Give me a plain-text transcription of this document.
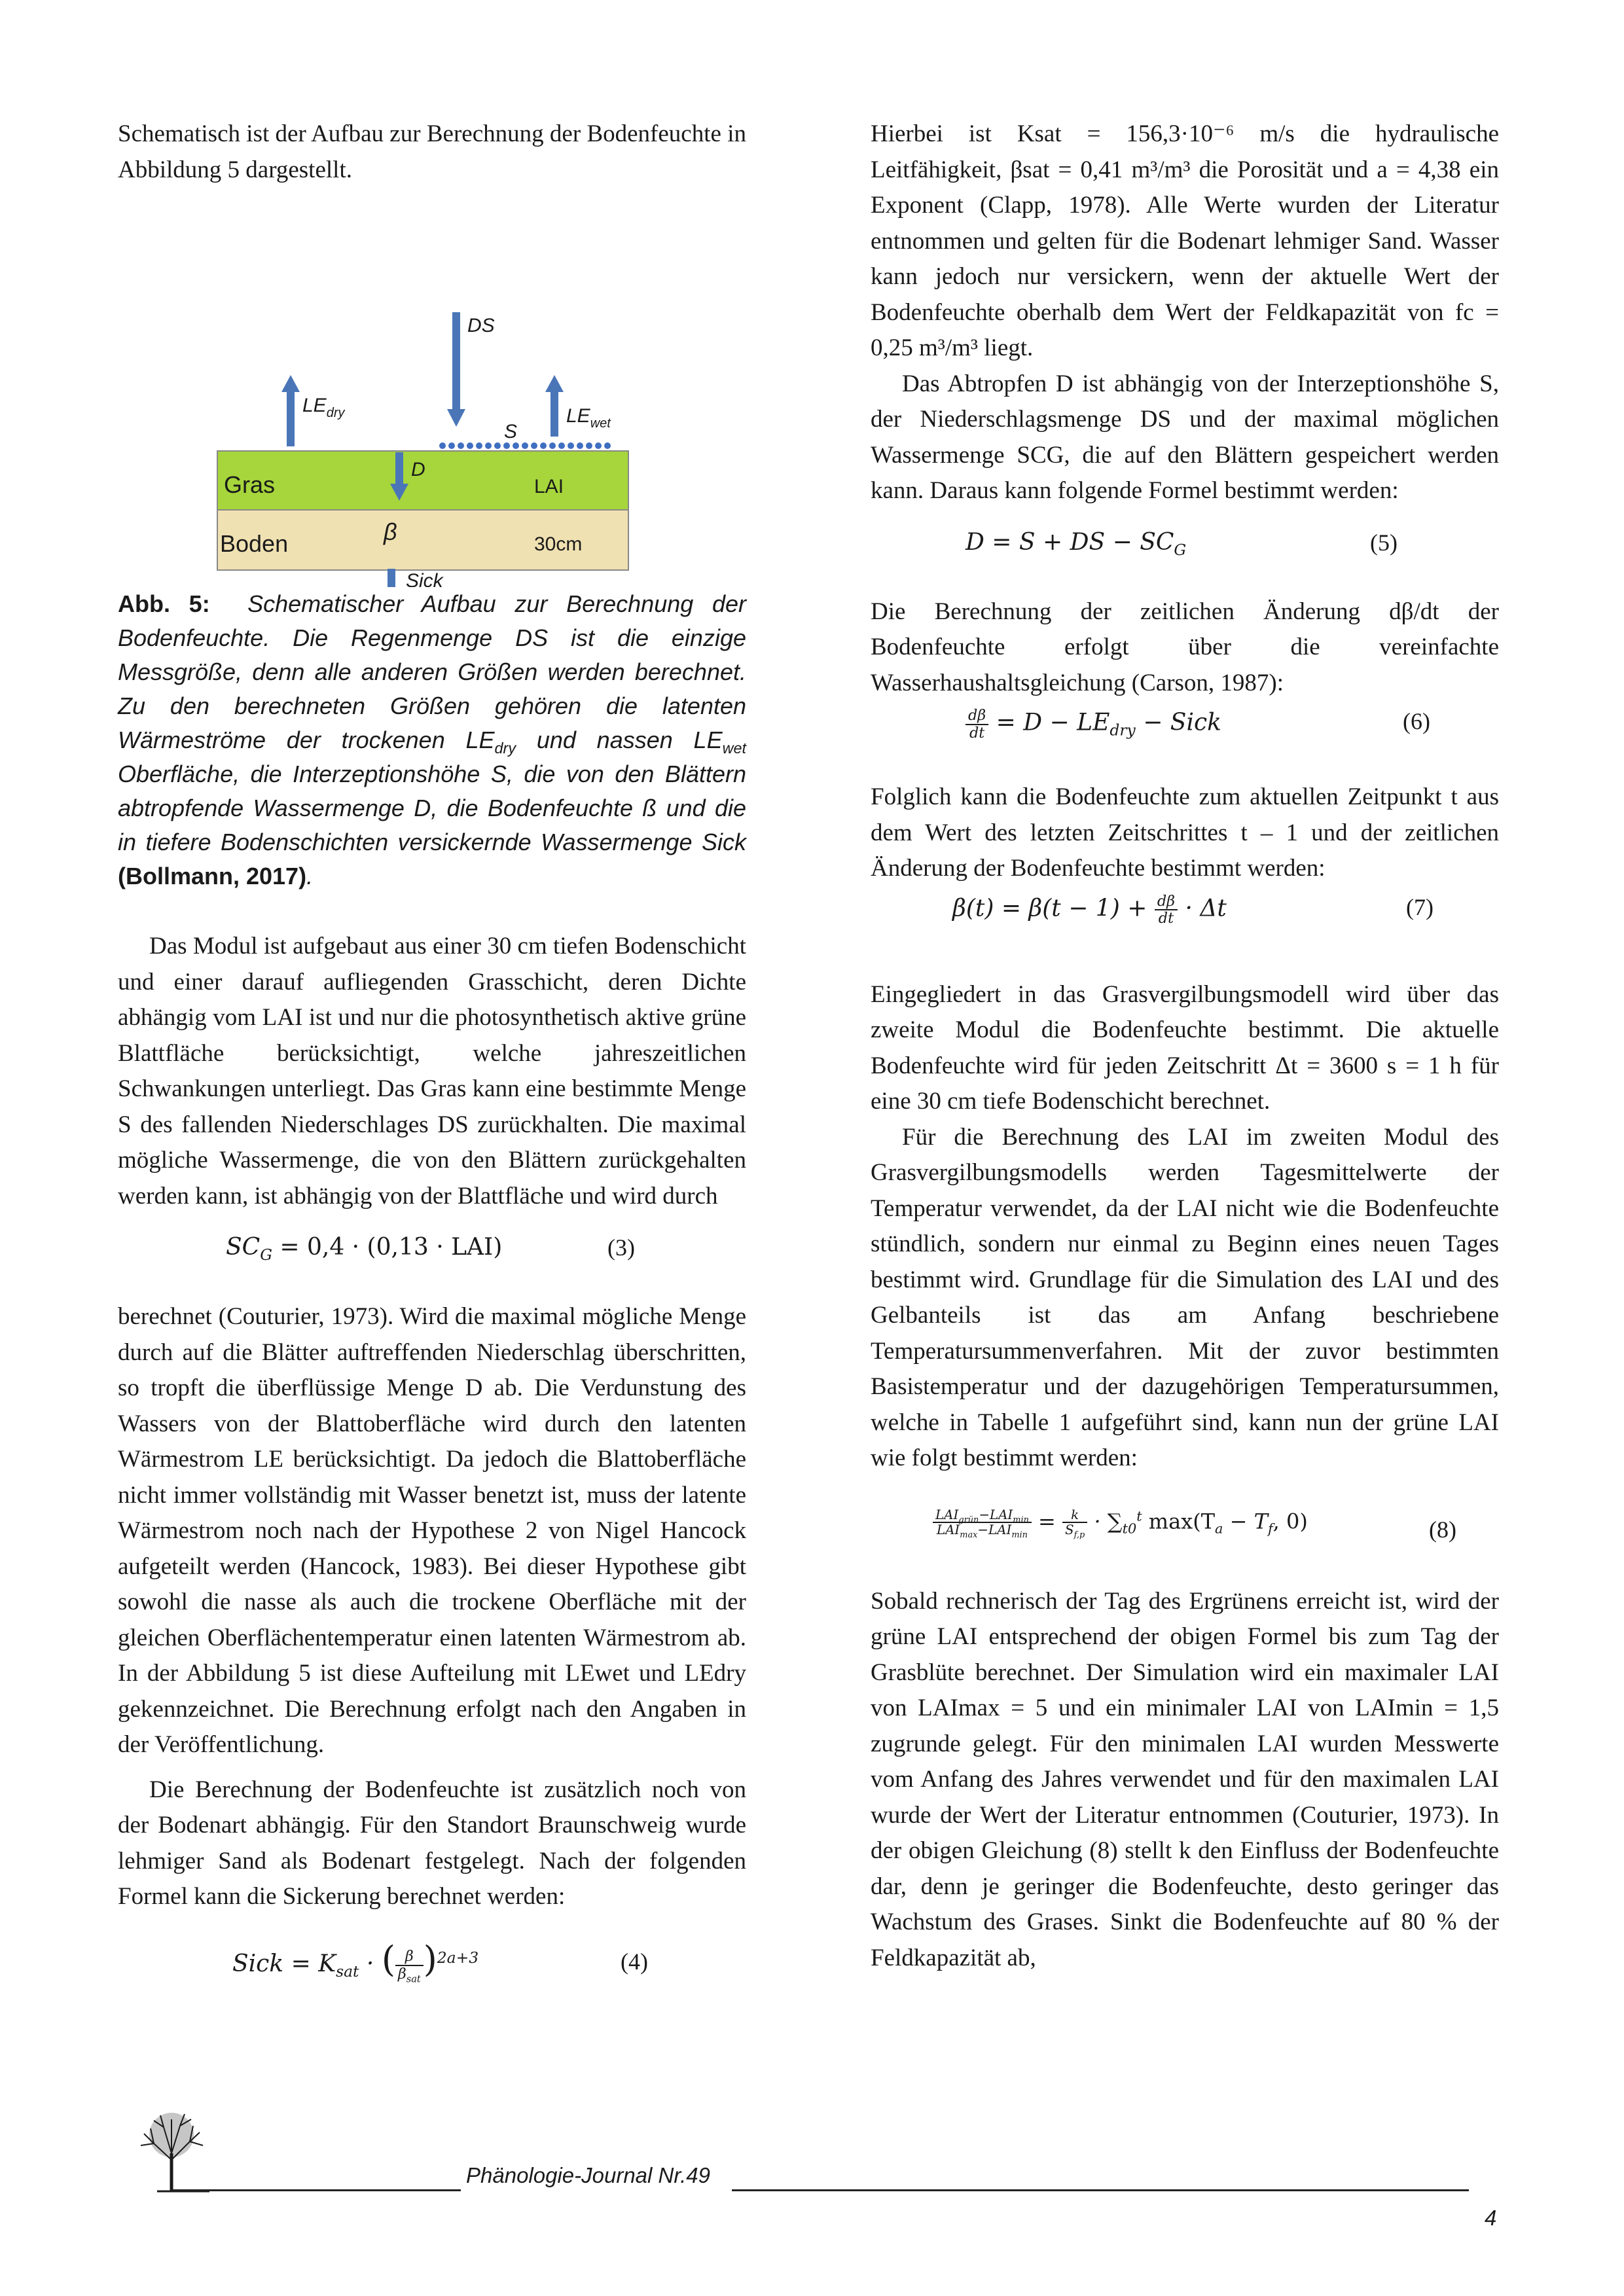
Schematisch ist der Aufbau zur Berechnung der Bodenfeuchte in Abbildung 5 dargestellt.

DS
$LE_{dry}$
S
$LE_{wet}$
Gras
D
LAI
Boden	β	30cm
Sick

Abb. 5: Schematischer Aufbau zur Berechnung der Bodenfeuchte. Die Regenmenge DS ist die einzige Messgröße, denn alle anderen Größen werden berechnet. Zu den berechneten Größen gehören die latenten Wärmeströme der trockenen $LE_{dry}$ und nassen $LE_{wet}$ Oberfläche, die Interzeptionshöhe S, die von den Blättern abtropfende Wassermenge D, die Bodenfeuchte ß und die in tiefere Bodenschichten versickernde Wassermenge Sick (Bollmann, 2017).

Das Modul ist aufgebaut aus einer 30 cm tiefen Bodenschicht und einer darauf aufliegenden Grasschicht, deren Dichte abhängig vom LAI ist und nur die photosynthetisch aktive grüne Blattfläche berücksichtigt, welche jahreszeitlichen Schwankungen unterliegt. Das Gras kann eine bestimmte Menge S des fallenden Niederschlages DS zurückhalten. Die maximal mögliche Wassermenge, die von den Blättern zurückgehalten werden kann, ist abhängig von der Blattfläche und wird durch

$SC_G = 0,4 \cdot (0,13 \cdot LAI)$	(3)

berechnet (Couturier, 1973). Wird die maximal mögliche Menge durch auf die Blätter auftreffenden Niederschlag überschritten, so tropft die überflüssige Menge D ab. Die Verdunstung des Wassers von der Blattoberfläche wird durch den latenten Wärmestrom LE berücksichtigt. Da jedoch die Blattoberfläche nicht immer vollständig mit Wasser benetzt ist, muss der latente Wärmestrom noch nach der Hypothese 2 von Nigel Hancock aufgeteilt werden (Hancock, 1983). Bei dieser Hypothese gibt sowohl die nasse als auch die trockene Oberfläche mit der gleichen Oberflächentemperatur einen latenten Wärmestrom ab. In der Abbildung 5 ist diese Aufteilung mit LEwet und LEdry gekennzeichnet. Die Berechnung erfolgt nach den Angaben in der Veröffentlichung.

Die Berechnung der Bodenfeuchte ist zusätzlich noch von der Bodenart abhängig. Für den Standort Braunschweig wurde lehmiger Sand als Bodenart festgelegt. Nach der folgenden Formel kann die Sickerung berechnet werden:

Sick = $K_{sat}$ · ( $\frac{\beta}{\beta_{sat}} )^{2a+3}$	(4)

Hierbei ist Ksat = 156,3·10⁻⁶ m/s die hydraulische Leitfähigkeit, βsat = 0,41 m³/m³ die Porosität und a = 4,38 ein Exponent (Clapp, 1978). Alle Werte wurden der Literatur entnommen und gelten für die Bodenart lehmiger Sand. Wasser kann jedoch nur versickern, wenn der aktuelle Wert der Bodenfeuchte oberhalb dem Wert der Feldkapazität von fc = 0,25 m³/m³ liegt.

Das Abtropfen D ist abhängig von der Interzeptionshöhe S, der Niederschlagsmenge DS und der maximal möglichen Wassermenge SCG, die auf den Blättern gespeichert werden kann. Daraus kann folgende Formel bestimmt werden:

D = S + DS − $SC_G$	(5)

Die Berechnung der zeitlichen Änderung dβ/dt der Bodenfeuchte erfolgt über die vereinfachte Wasserhaushaltsgleichung (Carson, 1987):

$\frac{d\beta}{dt} = D - LE_{dry}$ − Sick	(6)

Folglich kann die Bodenfeuchte zum aktuellen Zeitpunkt t aus dem Wert des letzten Zeitschrittes t – 1 und der zeitlichen Änderung der Bodenfeuchte bestimmt werden:

$\beta(t) = \beta(t - 1) + \frac{d\beta}{dt} \cdot \Delta t$	(7)

Eingegliedert in das Grasvergilbungsmodell wird über das zweite Modul die Bodenfeuchte bestimmt. Die aktuelle Bodenfeuchte wird für jeden Zeitschritt Δt = 3600 s = 1 h für eine 30 cm tiefe Bodenschicht berechnet.

Für die Berechnung des LAI im zweiten Modul des Grasvergilbungsmodells werden Tagesmittelwerte der Temperatur verwendet, da der LAI nicht wie die Bodenfeuchte stündlich, sondern nur einmal zu Beginn eines neuen Tages bestimmt wird. Grundlage für die Simulation des LAI und des Gelbanteils ist das am Anfang beschriebene Temperatursummenverfahren. Mit der zuvor bestimmten Basistemperatur und der dazugehörigen Temperatursummen, welche in Tabelle 1 aufgeführt sind, kann nun der grüne LAI wie folgt bestimmt werden:

$\frac{LAI_{grün}-LAI_{min}}{LAI_{max}-LAI_{min}} = \frac{k}{S_{f,p}} \cdot \sum_{t0}^t$ $\max(T_a - T_f$, 0)	(8)

Sobald rechnerisch der Tag des Ergrünens erreicht ist, wird der grüne LAI entsprechend der obigen Formel bis zum Tag der Grasblüte berechnet. Der Simulation wird ein maximaler LAI von LAImax = 5 und ein minimaler LAI von LAImin = 1,5 zugrunde gelegt. Für den minimalen LAI wurden Messwerte vom Anfang des Jahres verwendet und für den maximalen LAI wurde der Wert der Literatur entnommen (Couturier, 1973). In der obigen Gleichung (8) stellt k den Einfluss der Bodenfeuchte dar, denn je geringer die Bodenfeuchte, desto geringer das Wachstum des Grases. Sinkt die Bodenfeuchte auf 80 % der Feldkapazität ab,

Phänologie-Journal Nr.49
4
